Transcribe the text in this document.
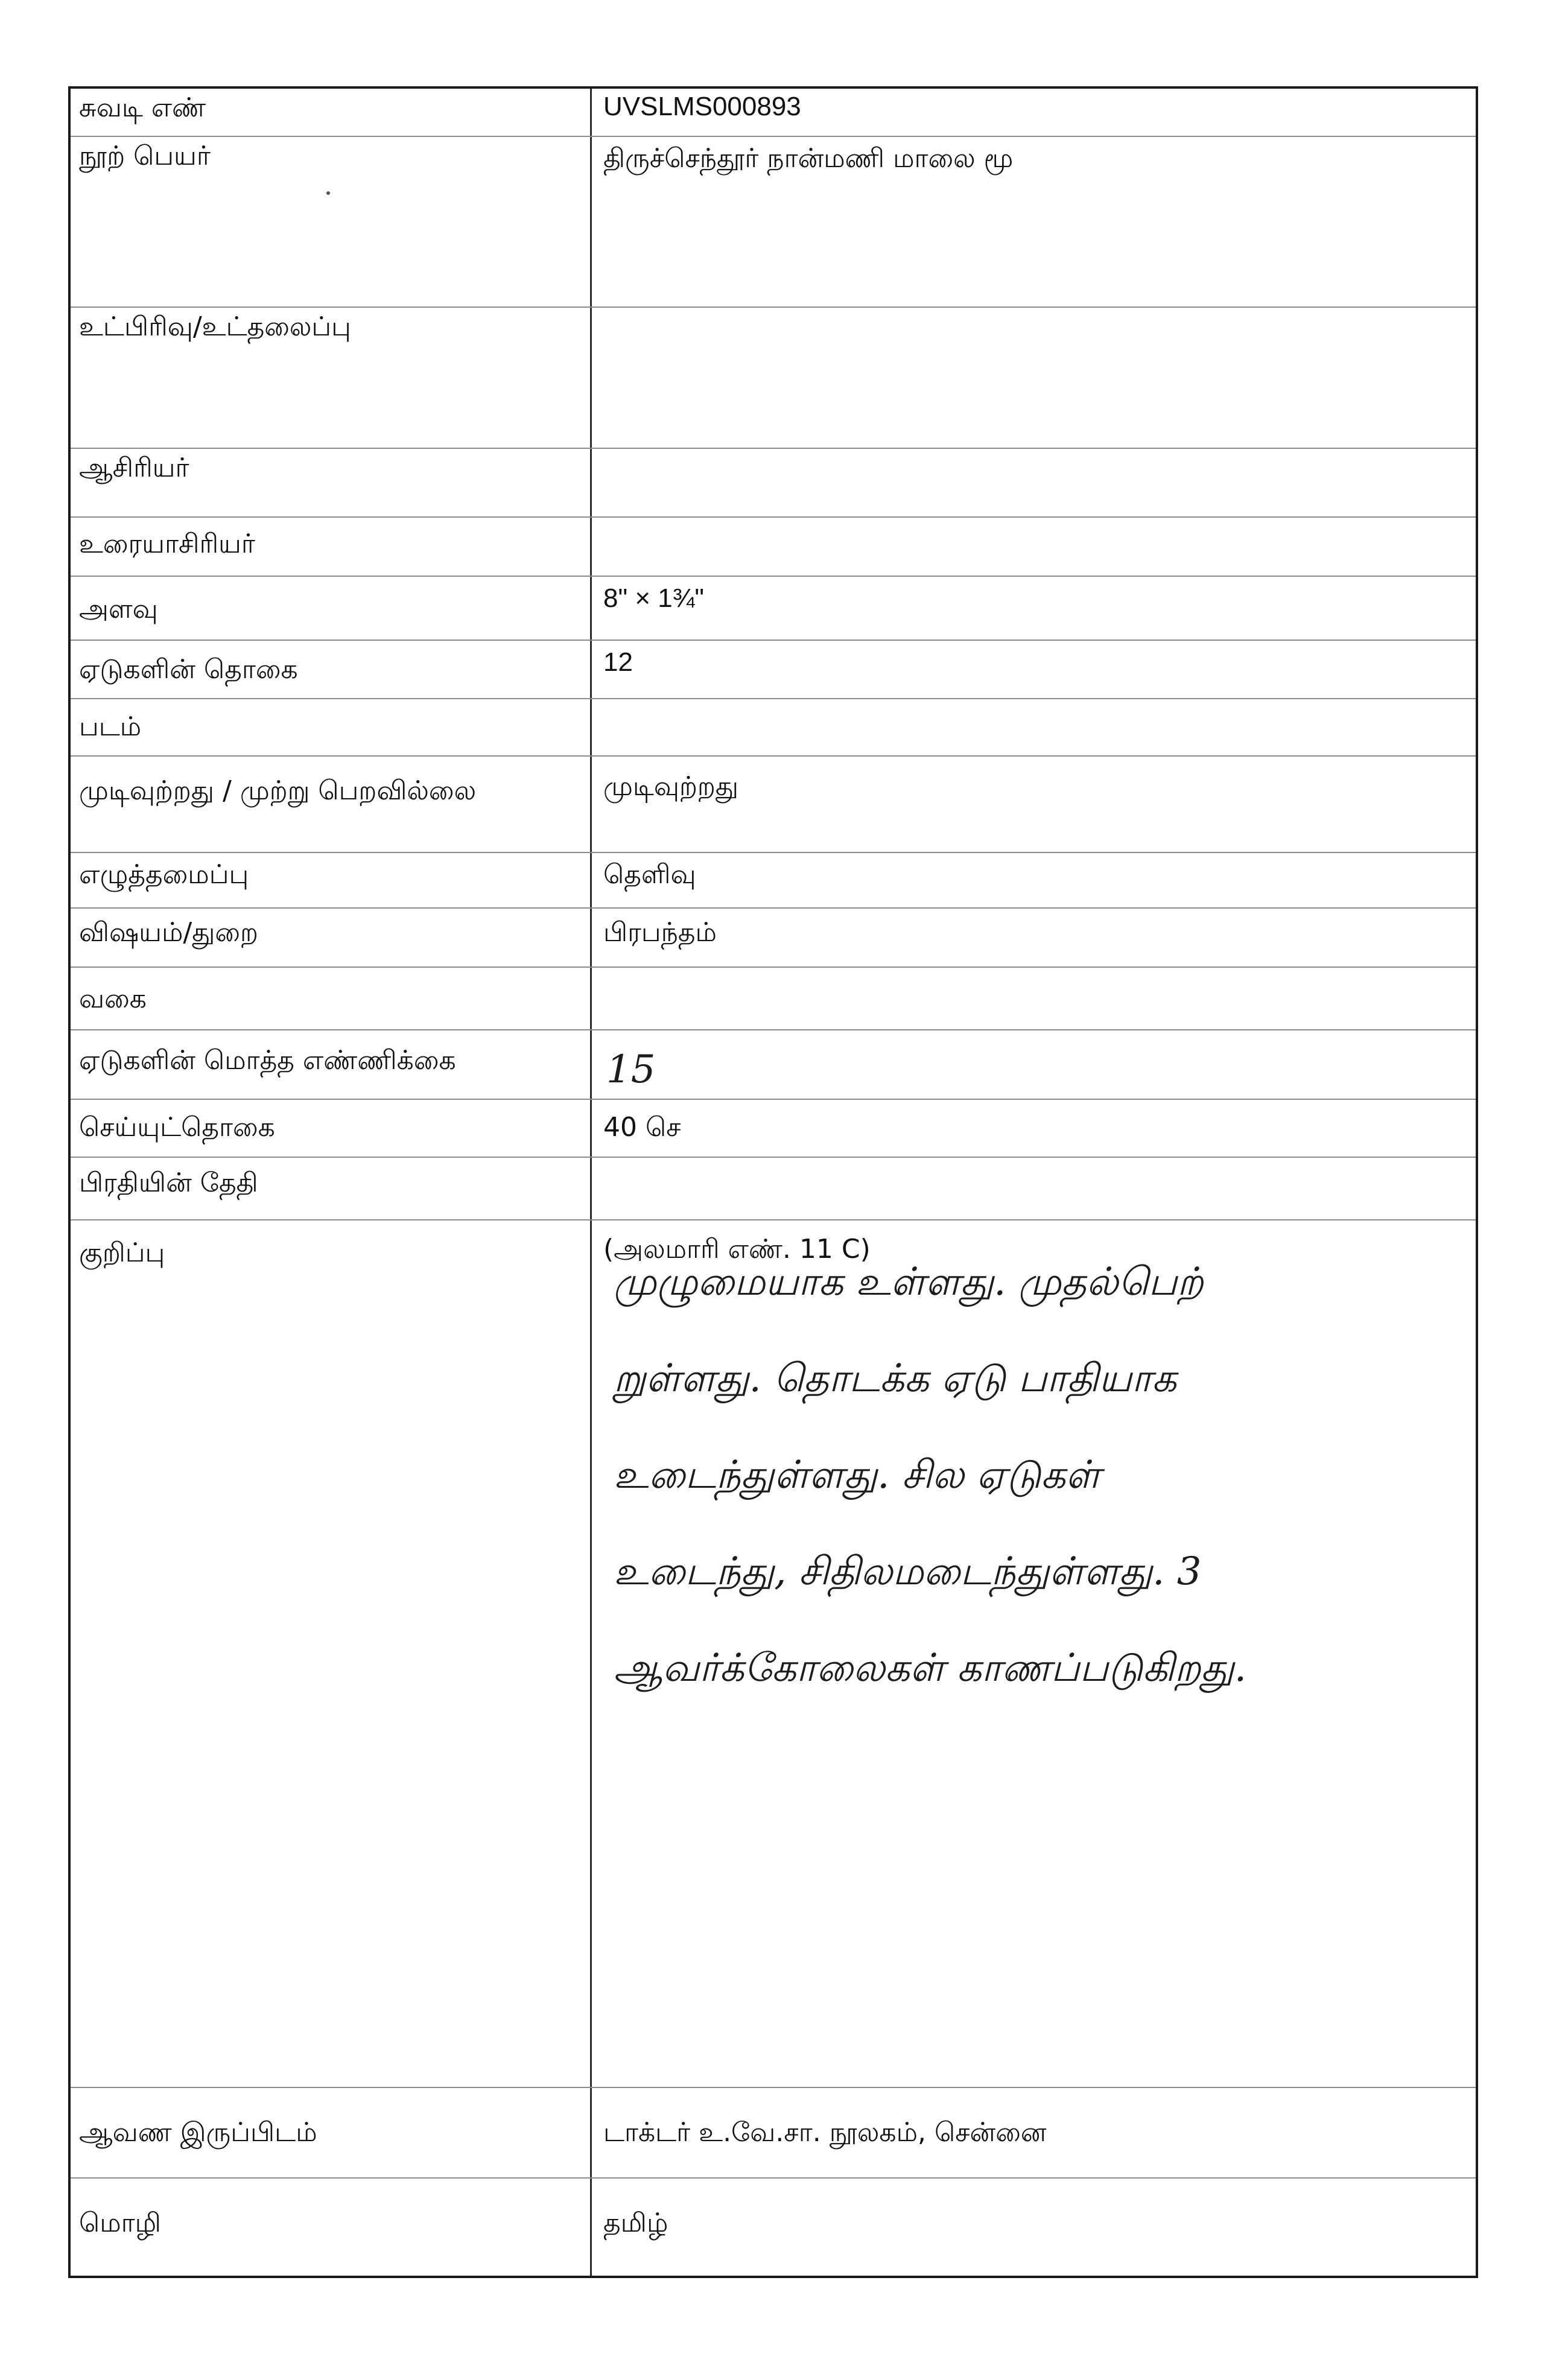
சுவடி எண்	UVSLMS000893
நூற் பெயர்	திருச்செந்தூர் நான்மணி மாலை மூ
உட்பிரிவு/உட்தலைப்பு
ஆசிரியர்
உரையாசிரியர்
அளவு	8" × 1¾"
ஏடுகளின் தொகை	12
படம்
முடிவுற்றது / முற்று பெறவில்லை	முடிவுற்றது
எழுத்தமைப்பு	தெளிவு
விஷயம்/துறை	பிரபந்தம்
வகை
ஏடுகளின் மொத்த எண்ணிக்கை	15
செய்யுட்தொகை	40 செ
பிரதியின் தேதி
குறிப்பு	(அலமாரி எண். 11 C)
முழுமையாக உள்ளது. முதல்பெற்
றுள்ளது. தொடக்க ஏடு பாதியாக
உடைந்துள்ளது. சில ஏடுகள்
உடைந்து, சிதிலமடைந்துள்ளது. 3
ஆவர்க்கோலைகள் காணப்படுகிறது.
ஆவண இருப்பிடம்	டாக்டர் உ.வே.சா. நூலகம், சென்னை
மொழி	தமிழ்
